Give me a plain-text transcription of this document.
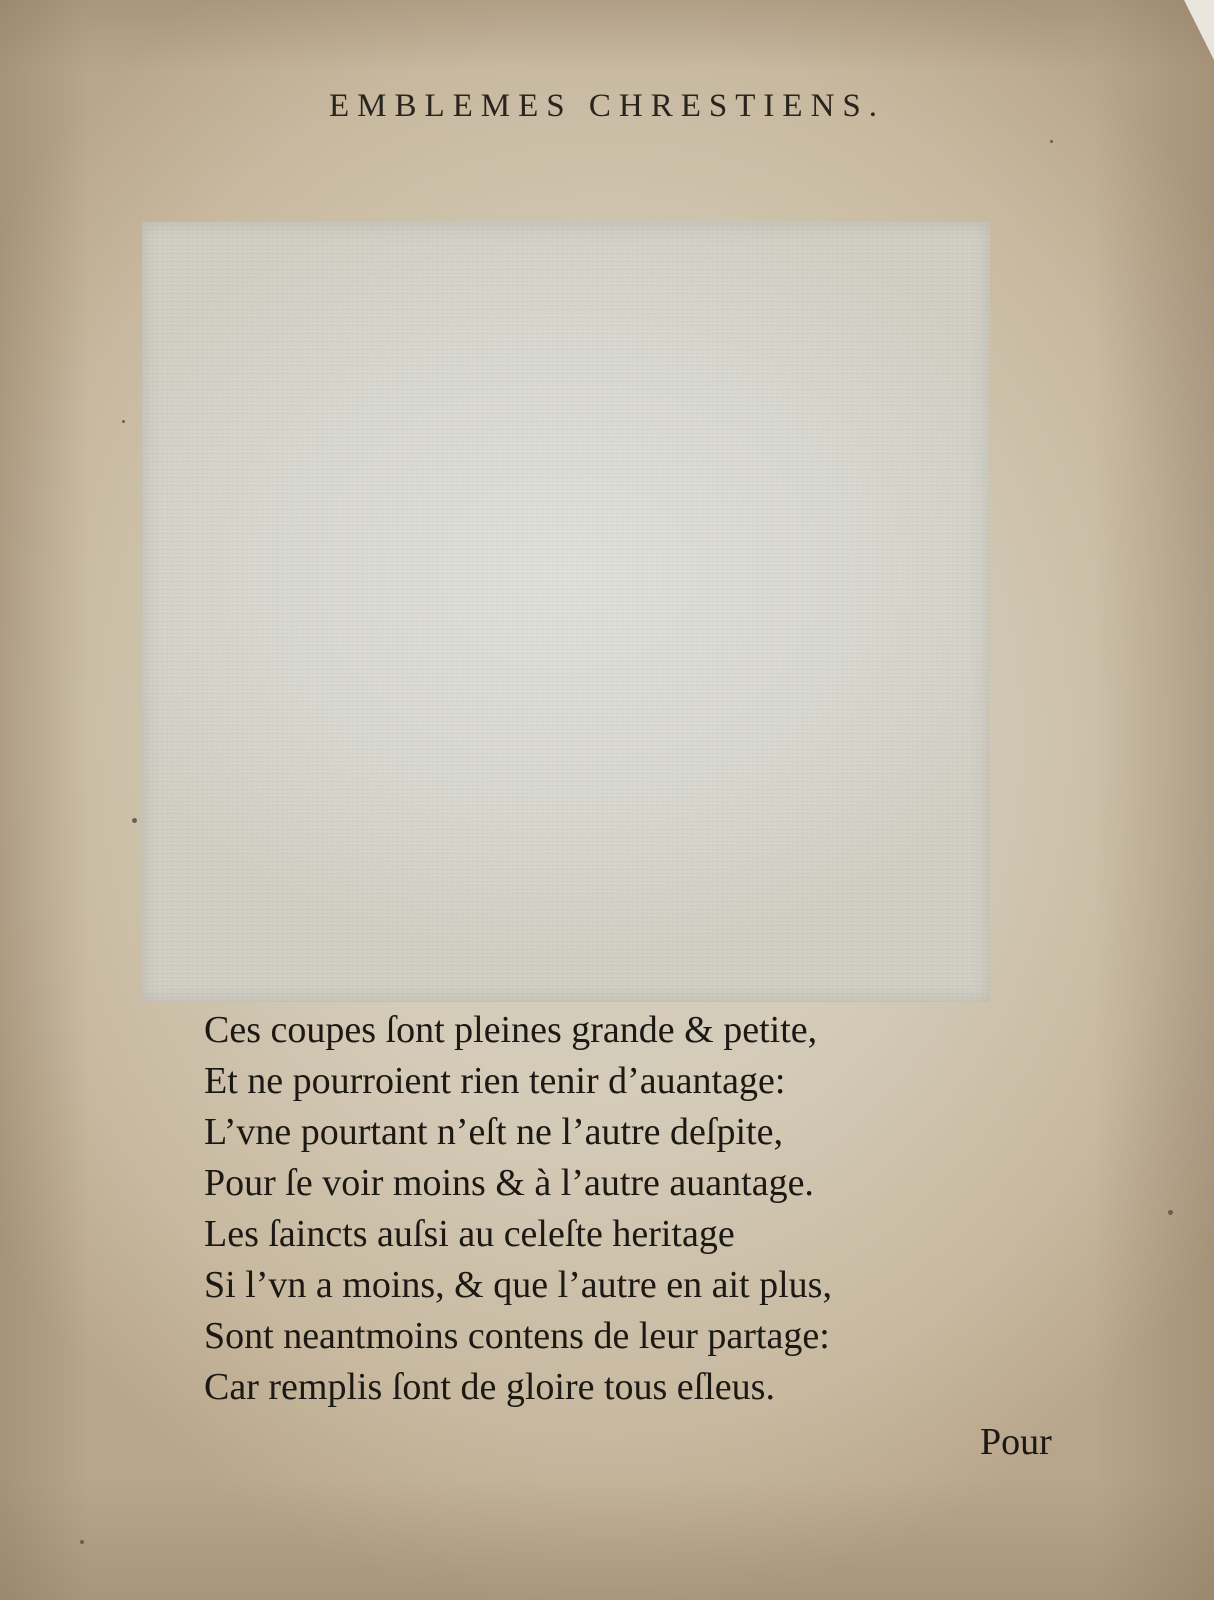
EMBLEMES CHRESTIENS.
Ces coupes ſont pleines grande & petite,
Et ne pourroient rien tenir d’auantage:
L’vne pourtant n’eſt ne l’autre deſpite,
Pour ſe voir moins & à l’autre auantage.
Les ſaincts auſsi au celeſte heritage
Si l’vn a moins, & que l’autre en ait plus,
Sont neantmoins contens de leur partage:
Car remplis ſont de gloire tous eſleus.
Pour
